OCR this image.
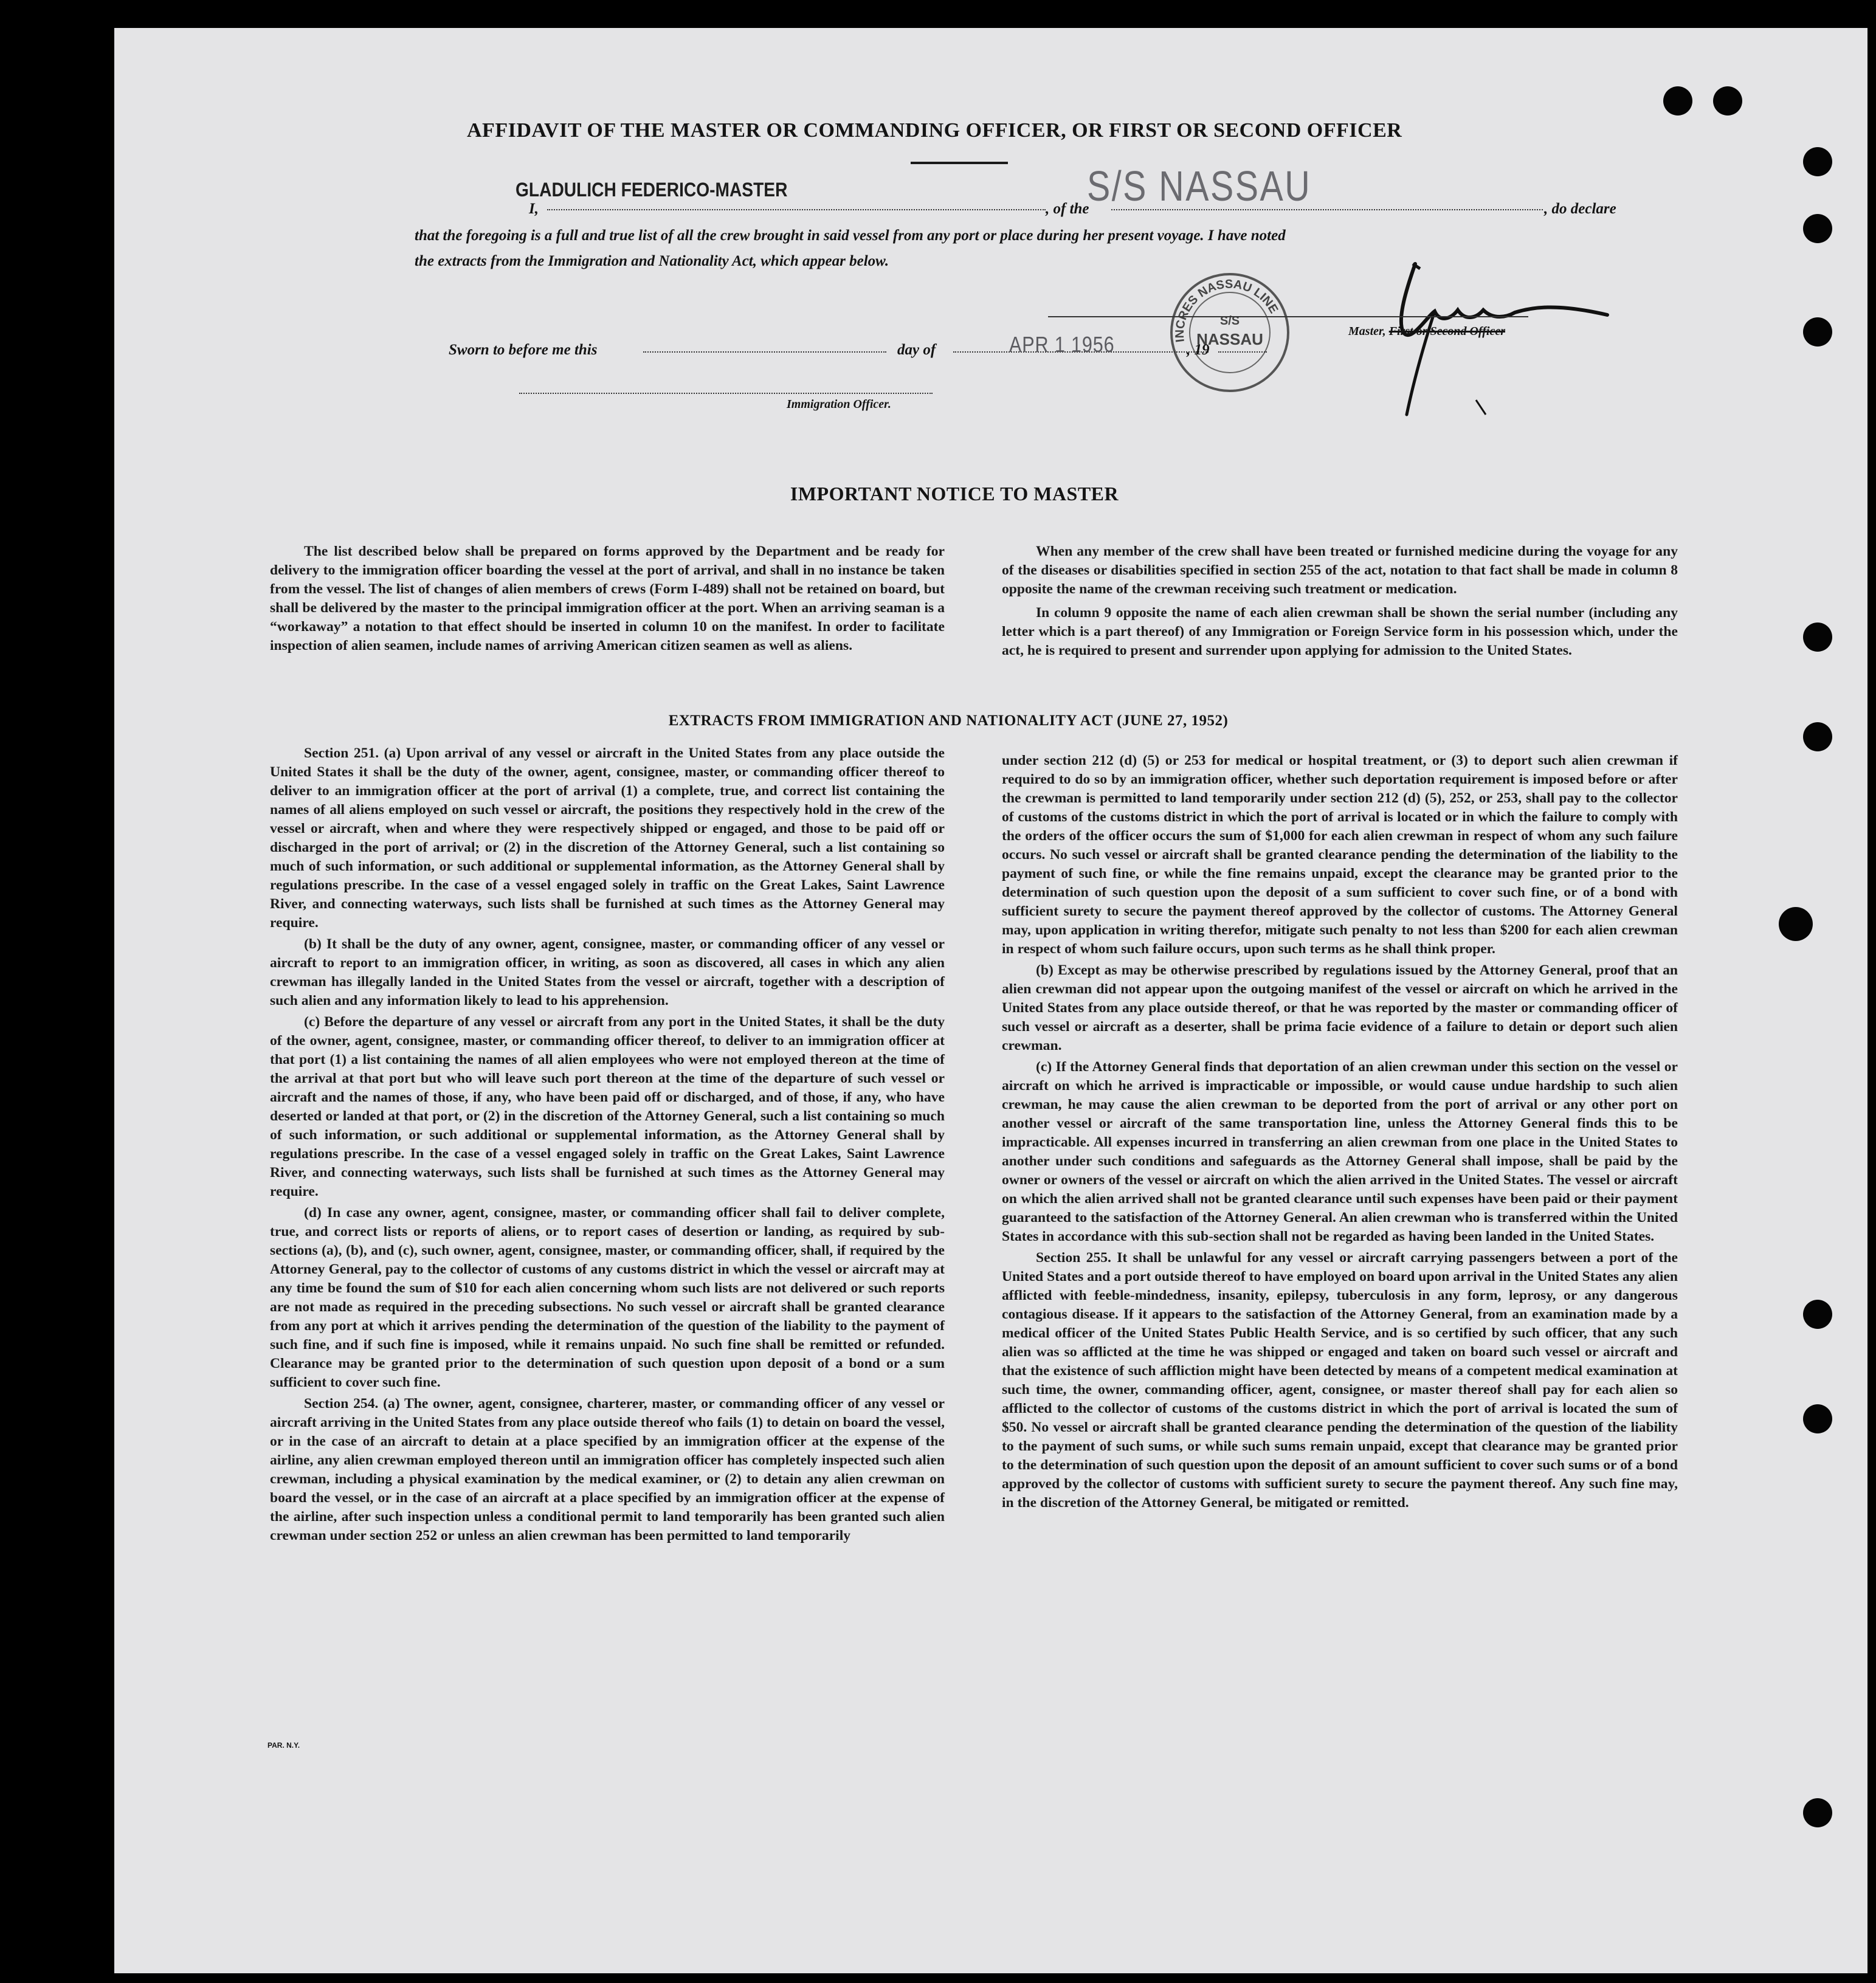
AFFIDAVIT OF THE MASTER OR COMMANDING OFFICER, OR FIRST OR SECOND OFFICER
I,
GLADULICH FEDERICO-MASTER
, of the
S/S NASSAU	, do declare
that the foregoing is a full and true list of all the crew brought in said vessel from any port or place during her present voyage. I have noted
the extracts from the Immigration and Nationality Act, which appear below.
INCRES NASSAU LINE
S/S
NASSAU	Master, First or Second Officer
Sworn to before me this	day of	APR 1 1956	, 19
Immigration Officer.
IMPORTANT NOTICE TO MASTER

The list described below shall be prepared on forms approved by the Department and be ready for delivery to the immigration officer boarding the vessel at the port of arrival, and shall in no instance be taken from the vessel. The list of changes of alien members of crews (Form I-489) shall not be retained on board, but shall be delivered by the master to the principal immigration officer at the port. When an arriving seaman is a “workaway” a notation to that effect should be inserted in column 10 on the manifest. In order to facilitate inspection of alien seamen, include names of arriving American citizen seamen as well as aliens.

When any member of the crew shall have been treated or furnished medicine during the voyage for any of the diseases or disabilities specified in section 255 of the act, notation to that fact shall be made in column 8 opposite the name of the crewman receiving such treatment or medication.

In column 9 opposite the name of each alien crewman shall be shown the serial number (including any letter which is a part thereof) of any Immigration or Foreign Service form in his possession which, under the act, he is required to present and surrender upon applying for admission to the United States.

EXTRACTS FROM IMMIGRATION AND NATIONALITY ACT (JUNE 27, 1952)

Section 251. (a) Upon arrival of any vessel or aircraft in the United States from any place outside the United States it shall be the duty of the owner, agent, consignee, master, or commanding officer thereof to deliver to an immigration officer at the port of arrival (1) a complete, true, and correct list containing the names of all aliens employed on such vessel or aircraft, the positions they respectively hold in the crew of the vessel or aircraft, when and where they were respectively shipped or engaged, and those to be paid off or discharged in the port of arrival; or (2) in the discretion of the Attorney General, such a list containing so much of such information, or such additional or supplemental information, as the Attorney General shall by regulations prescribe. In the case of a vessel engaged solely in traffic on the Great Lakes, Saint Lawrence River, and connecting waterways, such lists shall be furnished at such times as the Attorney General may require.

(b) It shall be the duty of any owner, agent, consignee, master, or commanding officer of any vessel or aircraft to report to an immigration officer, in writing, as soon as discovered, all cases in which any alien crewman has illegally landed in the United States from the vessel or aircraft, together with a description of such alien and any information likely to lead to his apprehension.

(c) Before the departure of any vessel or aircraft from any port in the United States, it shall be the duty of the owner, agent, consignee, master, or commanding officer thereof, to deliver to an immigration officer at that port (1) a list containing the names of all alien employees who were not employed thereon at the time of the arrival at that port but who will leave such port thereon at the time of the departure of such vessel or aircraft and the names of those, if any, who have been paid off or discharged, and of those, if any, who have deserted or landed at that port, or (2) in the discretion of the Attorney General, such a list containing so much of such information, or such additional or supplemental information, as the Attorney General shall by regulations prescribe. In the case of a vessel engaged solely in traffic on the Great Lakes, Saint Lawrence River, and connecting waterways, such lists shall be furnished at such times as the Attorney General may require.

(d) In case any owner, agent, consignee, master, or commanding officer shall fail to deliver complete, true, and correct lists or reports of aliens, or to report cases of desertion or landing, as required by sub-sections (a), (b), and (c), such owner, agent, consignee, master, or commanding officer, shall, if required by the Attorney General, pay to the collector of customs of any customs district in which the vessel or aircraft may at any time be found the sum of $10 for each alien concerning whom such lists are not delivered or such reports are not made as required in the preceding subsections. No such vessel or aircraft shall be granted clearance from any port at which it arrives pending the determination of the question of the liability to the payment of such fine, and if such fine is imposed, while it remains unpaid. No such fine shall be remitted or refunded. Clearance may be granted prior to the determination of such question upon deposit of a bond or a sum sufficient to cover such fine.

Section 254. (a) The owner, agent, consignee, charterer, master, or commanding officer of any vessel or aircraft arriving in the United States from any place outside thereof who fails (1) to detain on board the vessel, or in the case of an aircraft to detain at a place specified by an immigration officer at the expense of the airline, any alien crewman employed thereon until an immigration officer has completely inspected such alien crewman, including a physical examination by the medical examiner, or (2) to detain any alien crewman on board the vessel, or in the case of an aircraft at a place specified by an immigration officer at the expense of the airline, after such inspection unless a conditional permit to land temporarily has been granted such alien crewman under section 252 or unless an alien crewman has been permitted to land temporarily

under section 212 (d) (5) or 253 for medical or hospital treatment, or (3) to deport such alien crewman if required to do so by an immigration officer, whether such deportation requirement is imposed before or after the crewman is permitted to land temporarily under section 212 (d) (5), 252, or 253, shall pay to the collector of customs of the customs district in which the port of arrival is located or in which the failure to comply with the orders of the officer occurs the sum of $1,000 for each alien crewman in respect of whom any such failure occurs. No such vessel or aircraft shall be granted clearance pending the determination of the liability to the payment of such fine, or while the fine remains unpaid, except the clearance may be granted prior to the determination of such question upon the deposit of a sum sufficient to cover such fine, or of a bond with sufficient surety to secure the payment thereof approved by the collector of customs. The Attorney General may, upon application in writing therefor, mitigate such penalty to not less than $200 for each alien crewman in respect of whom such failure occurs, upon such terms as he shall think proper.

(b) Except as may be otherwise prescribed by regulations issued by the Attorney General, proof that an alien crewman did not appear upon the outgoing manifest of the vessel or aircraft on which he arrived in the United States from any place outside thereof, or that he was reported by the master or commanding officer of such vessel or aircraft as a deserter, shall be prima facie evidence of a failure to detain or deport such alien crewman.

(c) If the Attorney General finds that deportation of an alien crewman under this section on the vessel or aircraft on which he arrived is impracticable or impossible, or would cause undue hardship to such alien crewman, he may cause the alien crewman to be deported from the port of arrival or any other port on another vessel or aircraft of the same transportation line, unless the Attorney General finds this to be impracticable. All expenses incurred in transferring an alien crewman from one place in the United States to another under such conditions and safeguards as the Attorney General shall impose, shall be paid by the owner or owners of the vessel or aircraft on which the alien arrived in the United States. The vessel or aircraft on which the alien arrived shall not be granted clearance until such expenses have been paid or their payment guaranteed to the satisfaction of the Attorney General. An alien crewman who is transferred within the United States in accordance with this sub-section shall not be regarded as having been landed in the United States.

Section 255. It shall be unlawful for any vessel or aircraft carrying passengers between a port of the United States and a port outside thereof to have employed on board upon arrival in the United States any alien afflicted with feeble-mindedness, insanity, epilepsy, tuberculosis in any form, leprosy, or any dangerous contagious disease. If it appears to the satisfaction of the Attorney General, from an examination made by a medical officer of the United States Public Health Service, and is so certified by such officer, that any such alien was so afflicted at the time he was shipped or engaged and taken on board such vessel or aircraft and that the existence of such affliction might have been detected by means of a competent medical examination at such time, the owner, commanding officer, agent, consignee, or master thereof shall pay for each alien so afflicted to the collector of customs of the customs district in which the port of arrival is located the sum of $50. No vessel or aircraft shall be granted clearance pending the determination of the question of the liability to the payment of such sums, or while such sums remain unpaid, except that clearance may be granted prior to the determination of such question upon the deposit of an amount sufficient to cover such sums or of a bond approved by the collector of customs with sufficient surety to secure the payment thereof. Any such fine may, in the discretion of the Attorney General, be mitigated or remitted.

PAR. N.Y.
